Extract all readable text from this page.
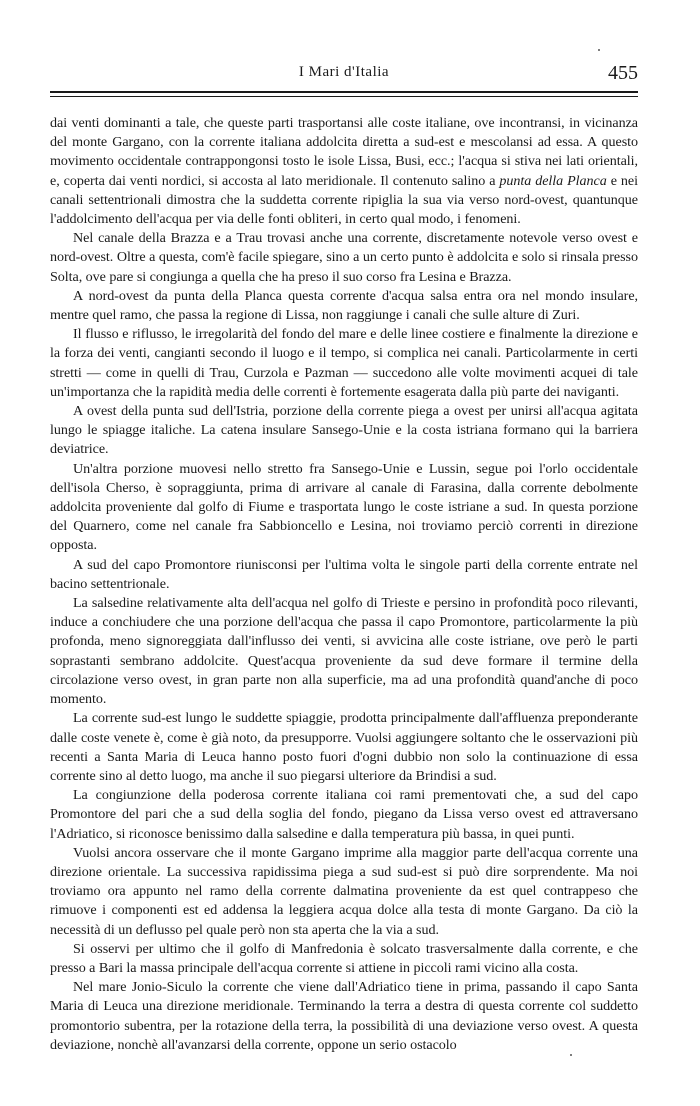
I Mari d'Italia	455

dai venti dominanti a tale, che queste parti trasportansi alle coste italiane, ove incontransi, in vicinanza del monte Gargano, con la corrente italiana addolcita diretta a sud-est e mescolansi ad essa. A questo movimento occidentale contrappongonsi tosto le isole Lissa, Busi, ecc.; l'acqua si stiva nei lati orientali, e, coperta dai venti nordici, si accosta al lato meridionale. Il contenuto salino a punta della Planca e nei canali settentrionali dimostra che la suddetta corrente ripiglia la sua via verso nord-ovest, quantunque l'addolcimento dell'acqua per via delle fonti obliteri, in certo qual modo, i fenomeni.

Nel canale della Brazza e a Trau trovasi anche una corrente, discretamente notevole verso ovest e nord-ovest. Oltre a questa, com'è facile spiegare, sino a un certo punto è addolcita e solo si rinsala presso Solta, ove pare si congiunga a quella che ha preso il suo corso fra Lesina e Brazza.

A nord-ovest da punta della Planca questa corrente d'acqua salsa entra ora nel mondo insulare, mentre quel ramo, che passa la regione di Lissa, non raggiunge i canali che sulle alture di Zuri.

Il flusso e riflusso, le irregolarità del fondo del mare e delle linee costiere e finalmente la direzione e la forza dei venti, cangianti secondo il luogo e il tempo, si complica nei canali. Particolarmente in certi stretti — come in quelli di Trau, Curzola e Pazman — succedono alle volte movimenti acquei di tale un'importanza che la rapidità media delle correnti è fortemente esagerata dalla più parte dei naviganti.

A ovest della punta sud dell'Istria, porzione della corrente piega a ovest per unirsi all'acqua agitata lungo le spiagge italiche. La catena insulare Sansego-Unie e la costa istriana formano qui la barriera deviatrice.

Un'altra porzione muovesi nello stretto fra Sansego-Unie e Lussin, segue poi l'orlo occidentale dell'isola Cherso, è sopraggiunta, prima di arrivare al canale di Farasina, dalla corrente debolmente addolcita proveniente dal golfo di Fiume e trasportata lungo le coste istriane a sud. In questa porzione del Quarnero, come nel canale fra Sabbioncello e Lesina, noi troviamo perciò correnti in direzione opposta.

A sud del capo Promontore riunisconsi per l'ultima volta le singole parti della corrente entrate nel bacino settentrionale.

La salsedine relativamente alta dell'acqua nel golfo di Trieste e persino in profondità poco rilevanti, induce a conchiudere che una porzione dell'acqua che passa il capo Promontore, particolarmente la più profonda, meno signoreggiata dall'influsso dei venti, si avvicina alle coste istriane, ove però le parti soprastanti sembrano addolcite. Quest'acqua proveniente da sud deve formare il termine della circolazione verso ovest, in gran parte non alla superficie, ma ad una profondità quand'anche di poco momento.

La corrente sud-est lungo le suddette spiaggie, prodotta principalmente dall'affluenza preponderante dalle coste venete è, come è già noto, da presupporre. Vuolsi aggiungere soltanto che le osservazioni più recenti a Santa Maria di Leuca hanno posto fuori d'ogni dubbio non solo la continuazione di essa corrente sino al detto luogo, ma anche il suo piegarsi ulteriore da Brindisi a sud.

La congiunzione della poderosa corrente italiana coi rami prementovati che, a sud del capo Promontore del pari che a sud della soglia del fondo, piegano da Lissa verso ovest ed attraversano l'Adriatico, si riconosce benissimo dalla salsedine e dalla temperatura più bassa, in quei punti.

Vuolsi ancora osservare che il monte Gargano imprime alla maggior parte dell'acqua corrente una direzione orientale. La successiva rapidissima piega a sud sud-est si può dire sorprendente. Ma noi troviamo ora appunto nel ramo della corrente dalmatina proveniente da est quel contrappeso che rimuove i componenti est ed addensa la leggiera acqua dolce alla testa di monte Gargano. Da ciò la necessità di un deflusso pel quale però non sta aperta che la via a sud.

Si osservi per ultimo che il golfo di Manfredonia è solcato trasversalmente dalla corrente, e che presso a Bari la massa principale dell'acqua corrente si attiene in piccoli rami vicino alla costa.

Nel mare Jonio-Siculo la corrente che viene dall'Adriatico tiene in prima, passando il capo Santa Maria di Leuca una direzione meridionale. Terminando la terra a destra di questa corrente col suddetto promontorio subentra, per la rotazione della terra, la possibilità di una deviazione verso ovest. A questa deviazione, nonchè all'avanzarsi della corrente, oppone un serio ostacolo
